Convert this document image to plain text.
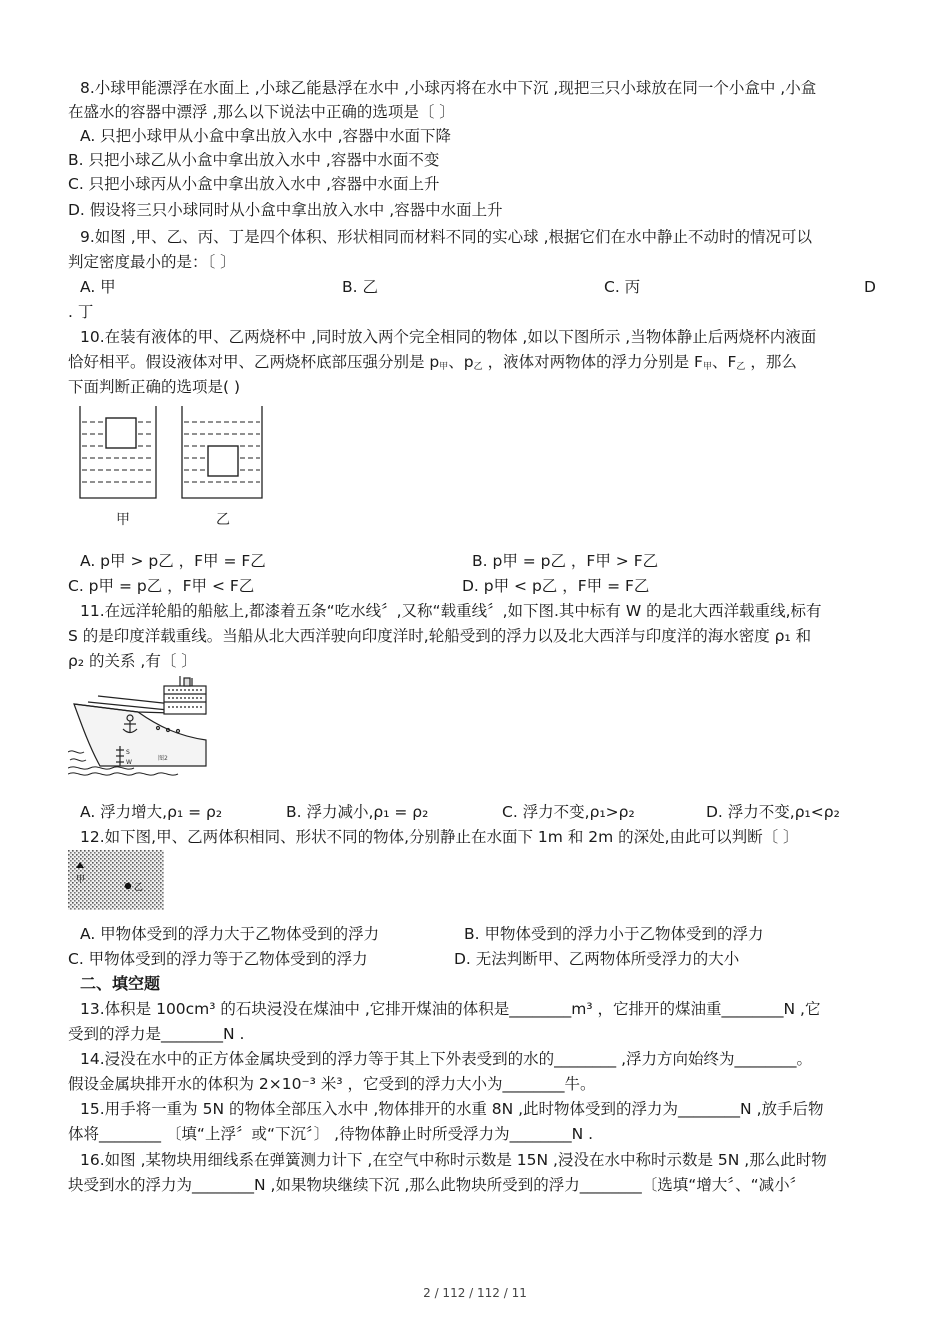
8.小球甲能漂浮在水面上 ,小球乙能悬浮在水中 ,小球丙将在水中下沉 ,现把三只小球放在同一个小盒中 ,小盒
在盛水的容器中漂浮 ,那么以下说法中正确的选项是〔 〕
A. 只把小球甲从小盒中拿出放入水中 ,容器中水面下降
B. 只把小球乙从小盒中拿出放入水中 ,容器中水面不变
C. 只把小球丙从小盒中拿出放入水中 ,容器中水面上升
D. 假设将三只小球同时从小盒中拿出放入水中 ,容器中水面上升
9.如图 ,甲、乙、丙、丁是四个体积、形状相同而材料不同的实心球 ,根据它们在水中静止不动时的情况可以
判定密度最小的是：〔 〕
A. 甲	B. 乙	C. 丙	D
. 丁
10.在装有液体的甲、乙两烧杯中 ,同时放入两个完全相同的物体 ,如以下图所示 ,当物体静止后两烧杯内液面
恰好相平。假设液体对甲、乙两烧杯底部压强分别是 $p_甲$、$p_乙$ ，液体对两物体的浮力分别是 $F_甲$、$F_乙$ ，那么
下面判断正确的选项是( )
甲	乙
A. p甲 > p乙 ，F甲 = F乙	B. p甲 = p乙 ，F甲 > F乙
C. p甲 = p乙 ，F甲 < F乙	D. p甲 < p乙 ，F甲 = F乙
11.在远洋轮船的船舷上,都漆着五条“吃水线〞,又称“载重线〞,如下图.其中标有 W 的是北大西洋载重线,标有
S 的是印度洋载重线。当船从北大西洋驶向印度洋时,轮船受到的浮力以及北大西洋与印度洋的海水密度 ρ₁ 和
ρ₂ 的关系 ,有〔 〕
S
W
图2
A. 浮力增大,ρ₁ = ρ₂	B. 浮力减小,ρ₁ = ρ₂	C. 浮力不变,ρ₁>ρ₂	D. 浮力不变,ρ₁<ρ₂
12.如下图,甲、乙两体积相同、形状不同的物体,分别静止在水面下 1m 和 2m 的深处,由此可以判断〔 〕
甲
乙
A. 甲物体受到的浮力大于乙物体受到的浮力	B. 甲物体受到的浮力小于乙物体受到的浮力
C. 甲物体受到的浮力等于乙物体受到的浮力	D. 无法判断甲、乙两物体所受浮力的大小
二、填空题
13.体积是 100cm³ 的石块浸没在煤油中 ,它排开煤油的体积是________m³ ，它排开的煤油重________N ,它
受到的浮力是________N .
14.浸没在水中的正方体金属块受到的浮力等于其上下外表受到的水的________ ,浮力方向始终为________。
假设金属块排开水的体积为 2×10⁻³ 米³ ，它受到的浮力大小为________牛。
15.用手将一重为 5N 的物体全部压入水中 ,物体排开的水重 8N ,此时物体受到的浮力为________N ,放手后物
体将________ 〔填“上浮〞或“下沉〞〕 ,待物体静止时所受浮力为________N .
16.如图 ,某物块用细线系在弹簧测力计下 ,在空气中称时示数是 15N ,浸没在水中称时示数是 5N ,那么此时物
块受到水的浮力为________N ,如果物块继续下沉 ,那么此物块所受到的浮力________〔选填“增大〞、“减小〞
2 / 112 / 112 / 11
